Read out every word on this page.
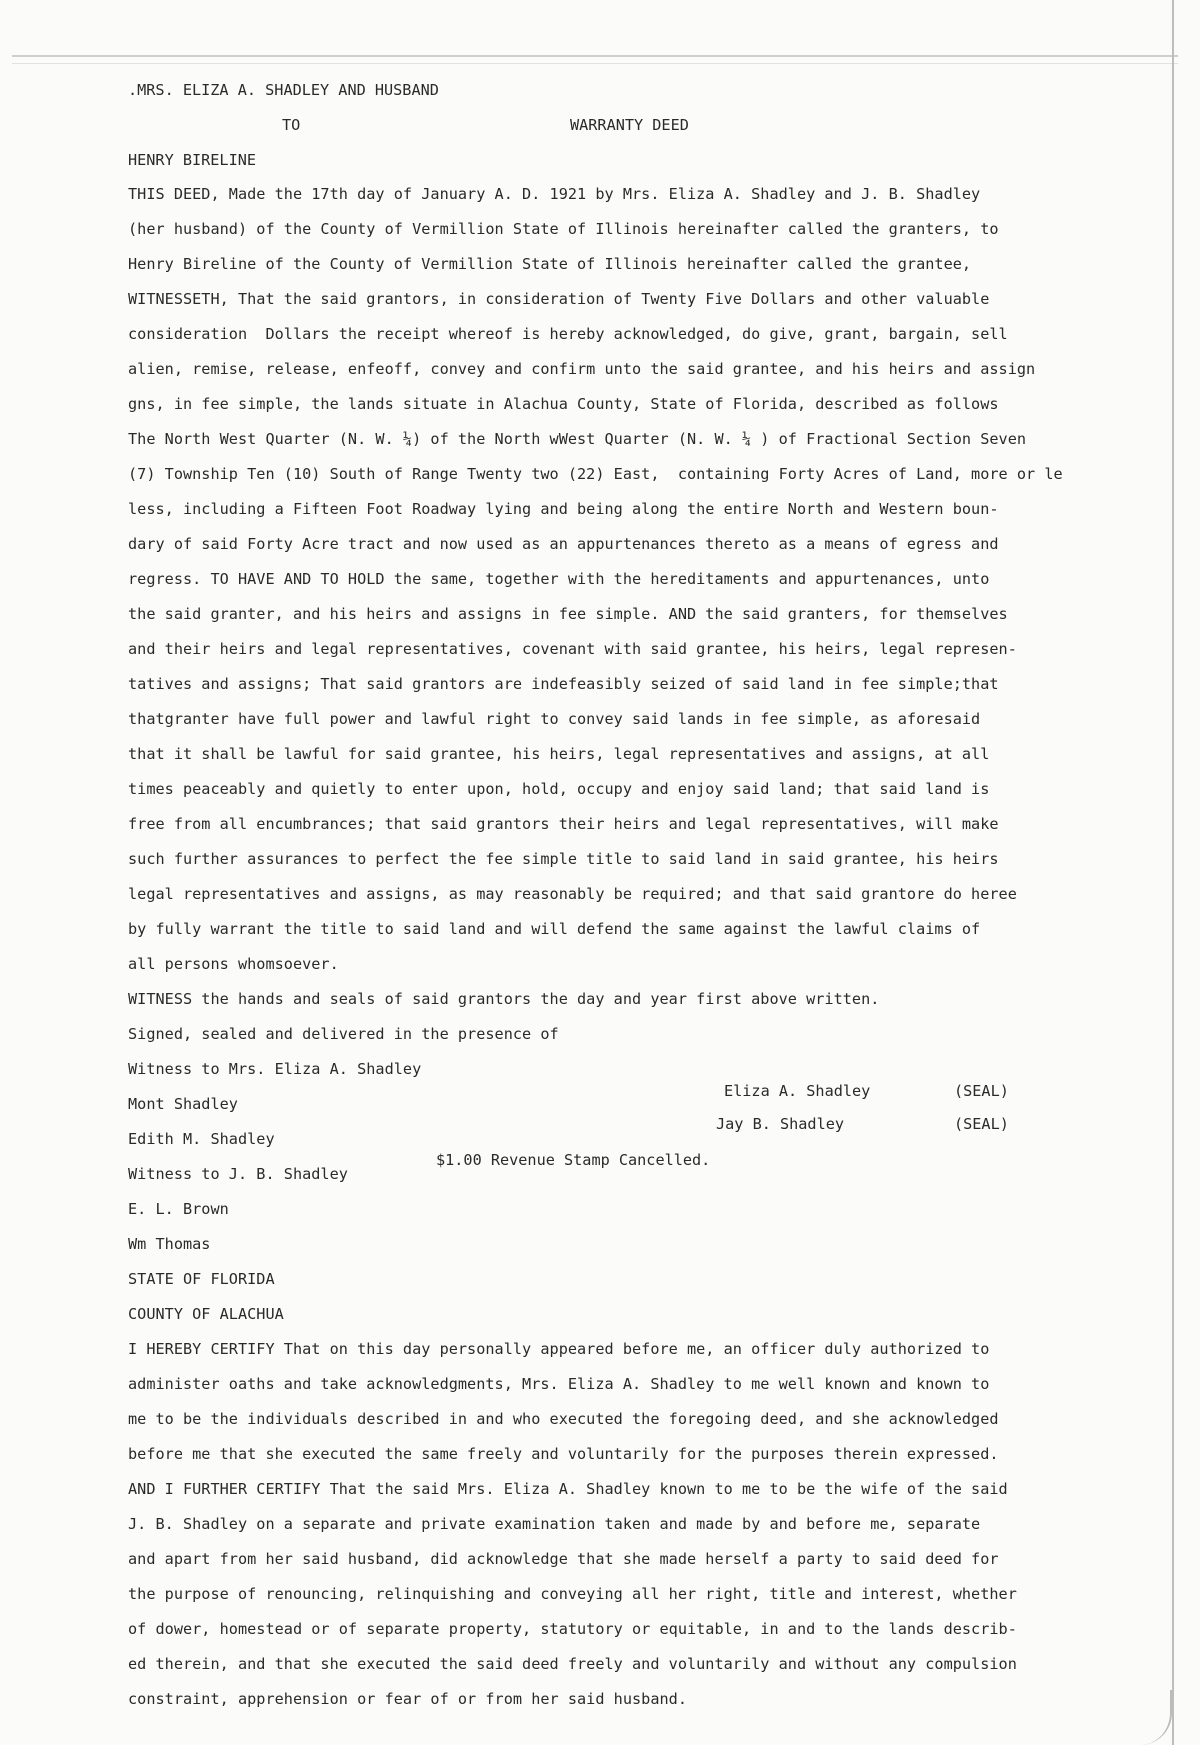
.MRS. ELIZA A. SHADLEY AND HUSBAND
TO	WARRANTY DEED
HENRY BIRELINE
THIS DEED, Made the 17th day of January A. D. 1921 by Mrs. Eliza A. Shadley and J. B. Shadley
(her husband) of the County of Vermillion State of Illinois hereinafter called the granters, to
Henry Bireline of the County of Vermillion State of Illinois hereinafter called the grantee,
WITNESSETH, That the said grantors, in consideration of Twenty Five Dollars and other valuable
consideration  Dollars the receipt whereof is hereby acknowledged, do give, grant, bargain, sell
alien, remise, release, enfeoff, convey and confirm unto the said grantee, and his heirs and assign
gns, in fee simple, the lands situate in Alachua County, State of Florida, described as follows
The North West Quarter (N. W. ¼) of the North wWest Quarter (N. W. ¼ ) of Fractional Section Seven
(7) Township Ten (10) South of Range Twenty two (22) East,  containing Forty Acres of Land, more or le
less, including a Fifteen Foot Roadway lying and being along the entire North and Western boun-
dary of said Forty Acre tract and now used as an appurtenances thereto as a means of egress and
regress. TO HAVE AND TO HOLD the same, together with the hereditaments and appurtenances, unto
the said granter, and his heirs and assigns in fee simple. AND the said granters, for themselves
and their heirs and legal representatives, covenant with said grantee, his heirs, legal represen-
tatives and assigns; That said grantors are indefeasibly seized of said land in fee simple;that
thatgranter have full power and lawful right to convey said lands in fee simple, as aforesaid
that it shall be lawful for said grantee, his heirs, legal representatives and assigns, at all
times peaceably and quietly to enter upon, hold, occupy and enjoy said land; that said land is
free from all encumbrances; that said grantors their heirs and legal representatives, will make
such further assurances to perfect the fee simple title to said land in said grantee, his heirs
legal representatives and assigns, as may reasonably be required; and that said grantore do heree
by fully warrant the title to said land and will defend the same against the lawful claims of
all persons whomsoever.
WITNESS the hands and seals of said grantors the day and year first above written.
Signed, sealed and delivered in the presence of
Witness to Mrs. Eliza A. Shadley
Mont Shadley
Edith M. Shadley
Witness to J. B. Shadley
E. L. Brown
Wm Thomas
STATE OF FLORIDA
COUNTY OF ALACHUA
I HEREBY CERTIFY That on this day personally appeared before me, an officer duly authorized to
administer oaths and take acknowledgments, Mrs. Eliza A. Shadley to me well known and known to
me to be the individuals described in and who executed the foregoing deed, and she acknowledged
before me that she executed the same freely and voluntarily for the purposes therein expressed.
AND I FURTHER CERTIFY That the said Mrs. Eliza A. Shadley known to me to be the wife of the said
J. B. Shadley on a separate and private examination taken and made by and before me, separate
and apart from her said husband, did acknowledge that she made herself a party to said deed for
the purpose of renouncing, relinquishing and conveying all her right, title and interest, whether
of dower, homestead or of separate property, statutory or equitable, in and to the lands describ-
ed therein, and that she executed the said deed freely and voluntarily and without any compulsion
constraint, apprehension or fear of or from her said husband.
Eliza A. Shadley	(SEAL)
Jay B. Shadley	(SEAL)
$1.00 Revenue Stamp Cancelled.
